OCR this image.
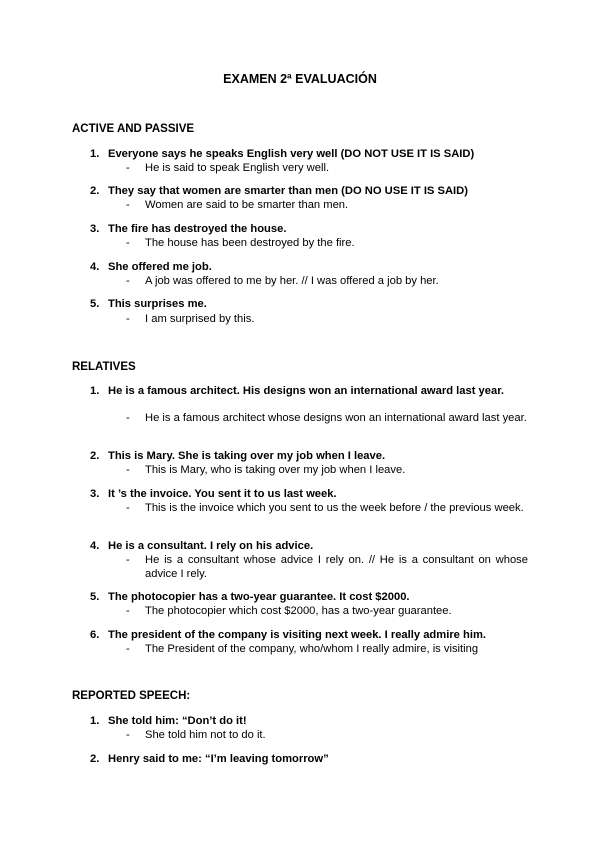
EXAMEN 2ª EVALUACIÓN
ACTIVE AND PASSIVE
1. Everyone says he speaks English very well (DO NOT USE IT IS SAID)
- He is said to speak English very well.
2. They say that women are smarter than men (DO NO USE IT IS SAID)
- Women are said to be smarter than men.
3. The fire has destroyed the house.
- The house has been destroyed by the fire.
4. She offered me job.
- A job was offered to me by her. // I was offered a job by her.
5. This surprises me.
- I am surprised by this.
RELATIVES
1. He is a famous architect. His designs won an international award last year.
- He is a famous architect whose designs won an international award last year.
2. This is Mary. She is taking over my job when I leave.
- This is Mary, who is taking over my job when I leave.
3. It ’s the invoice. You sent it to us last week.
- This is the invoice which you sent to us the week before / the previous week.
4. He is a consultant. I rely on his advice.
- He is a consultant whose advice I rely on. // He is a consultant on whose advice I rely.
5. The photocopier has a two-year guarantee. It cost $2000.
- The photocopier which cost $2000, has a two-year guarantee.
6. The president of the company is visiting next week. I really admire him.
- The President of the company, who/whom I really admire, is visiting
REPORTED SPEECH:
1. She told him: “Don’t do it!
- She told him not to do it.
2. Henry said to me: “I’m leaving tomorrow”
